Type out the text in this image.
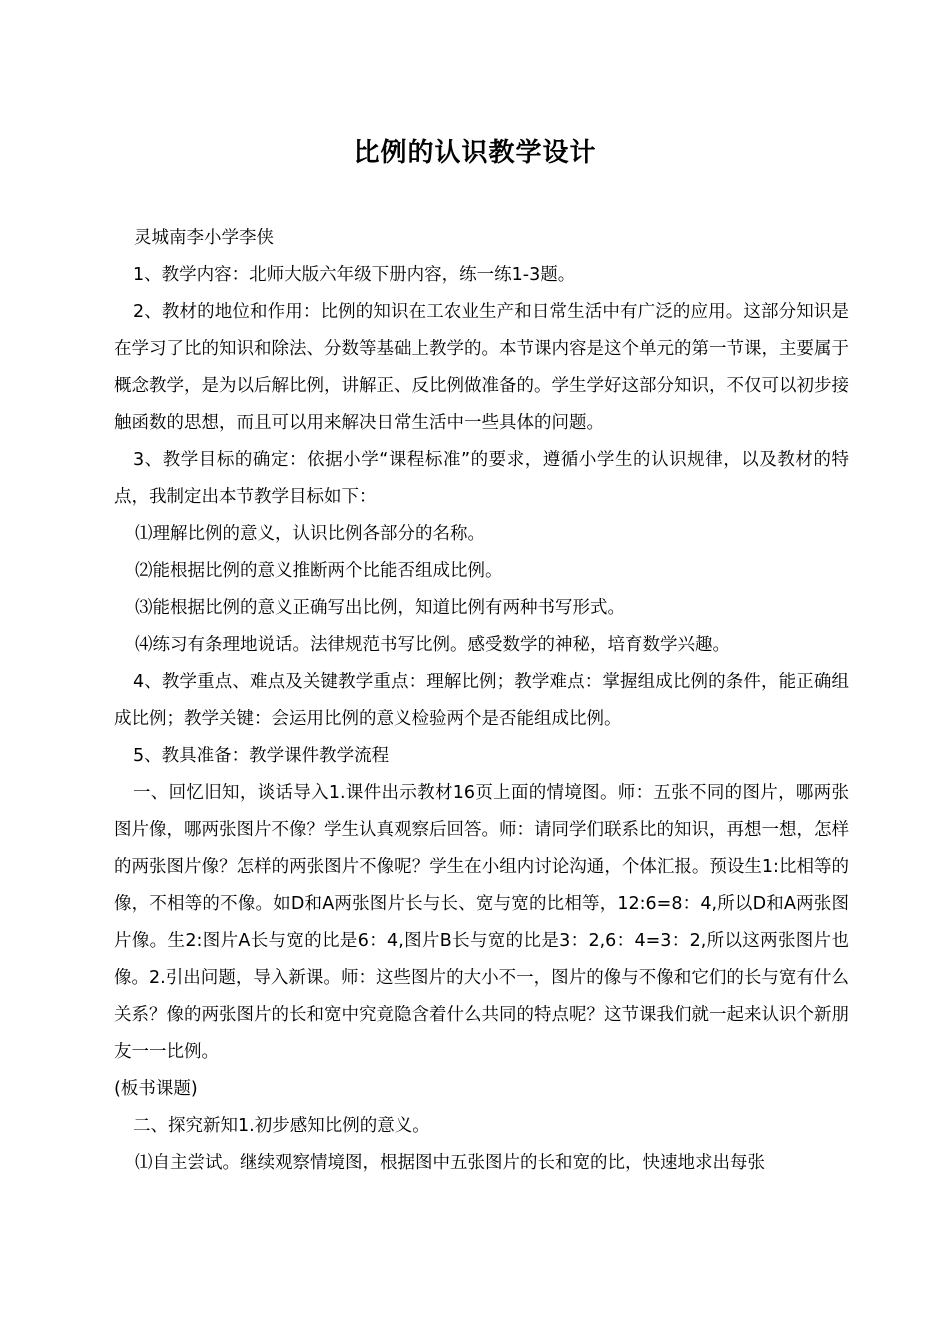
比例的认识教学设计

灵城南李小学李侠

1、教学内容：北师大版六年级下册内容，练一练1-3题。

2、教材的地位和作用：比例的知识在工农业生产和日常生活中有广泛的应用。这部分知识是在学习了比的知识和除法、分数等基础上教学的。本节课内容是这个单元的第一节课，主要属于概念教学，是为以后解比例，讲解正、反比例做准备的。学生学好这部分知识，不仅可以初步接触函数的思想，而且可以用来解决日常生活中一些具体的问题。

3、教学目标的确定：依据小学“课程标准”的要求，遵循小学生的认识规律，以及教材的特点，我制定出本节教学目标如下：

⑴理解比例的意义，认识比例各部分的名称。

⑵能根据比例的意义推断两个比能否组成比例。

⑶能根据比例的意义正确写出比例，知道比例有两种书写形式。

⑷练习有条理地说话。法律规范书写比例。感受数学的神秘，培育数学兴趣。

4、教学重点、难点及关键教学重点：理解比例；教学难点：掌握组成比例的条件，能正确组成比例；教学关键：会运用比例的意义检验两个是否能组成比例。

5、教具准备：教学课件教学流程

一、回忆旧知，谈话导入1.课件出示教材16页上面的情境图。师：五张不同的图片，哪两张图片像，哪两张图片不像？学生认真观察后回答。师：请同学们联系比的知识，再想一想，怎样的两张图片像？怎样的两张图片不像呢？学生在小组内讨论沟通，个体汇报。预设生1:比相等的像，不相等的不像。如D和A两张图片长与长、宽与宽的比相等，12:6=8：4,所以D和A两张图片像。生2:图片A长与宽的比是6：4,图片B长与宽的比是3：2,6：4=3：2,所以这两张图片也像。2.引出问题，导入新课。师：这些图片的大小不一，图片的像与不像和它们的长与宽有什么关系？像的两张图片的长和宽中究竟隐含着什么共同的特点呢？这节课我们就一起来认识个新朋友一一比例。

(板书课题)

二、探究新知1.初步感知比例的意义。

⑴自主尝试。继续观察情境图，根据图中五张图片的长和宽的比，快速地求出每张
